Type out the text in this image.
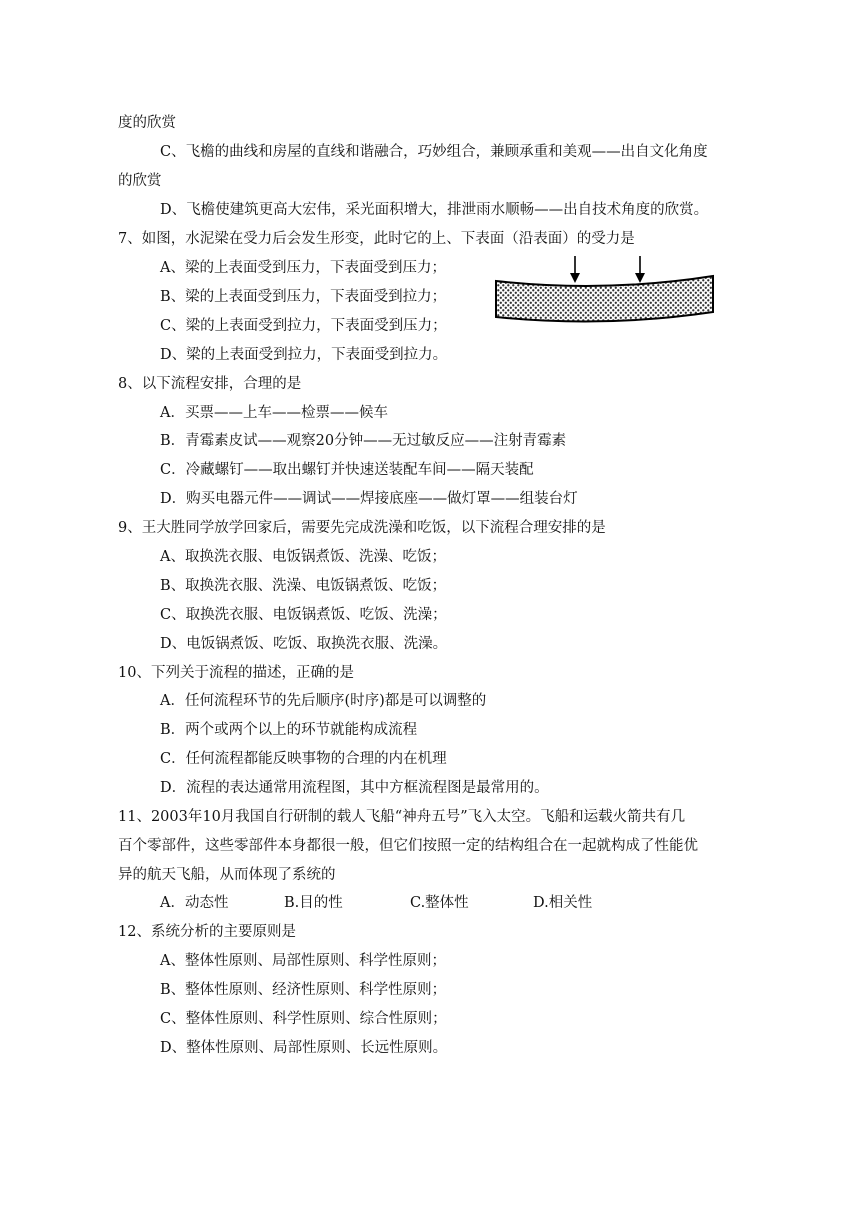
度的欣赏
C、飞檐的曲线和房屋的直线和谐融合，巧妙组合，兼顾承重和美观——出自文化角度
的欣赏
D、飞檐使建筑更高大宏伟，采光面积增大，排泄雨水顺畅——出自技术角度的欣赏。
7、如图，水泥梁在受力后会发生形变，此时它的上、下表面（沿表面）的受力是
A、梁的上表面受到压力，下表面受到压力；
B、梁的上表面受到压力，下表面受到拉力；
C、梁的上表面受到拉力，下表面受到压力；
D、梁的上表面受到拉力，下表面受到拉力。
8、以下流程安排，合理的是
A．买票——上车——检票——候车
B．青霉素皮试——观察20分钟——无过敏反应——注射青霉素
C．冷藏螺钉——取出螺钉并快速送装配车间——隔天装配
D．购买电器元件——调试——焊接底座——做灯罩——组装台灯
9、王大胜同学放学回家后，需要先完成洗澡和吃饭，以下流程合理安排的是
A、取换洗衣服、电饭锅煮饭、洗澡、吃饭；
B、取换洗衣服、洗澡、电饭锅煮饭、吃饭；
C、取换洗衣服、电饭锅煮饭、吃饭、洗澡；
D、电饭锅煮饭、吃饭、取换洗衣服、洗澡。
10、下列关于流程的描述，正确的是
A．任何流程环节的先后顺序(时序)都是可以调整的
B．两个或两个以上的环节就能构成流程
C．任何流程都能反映事物的合理的内在机理
D．流程的表达通常用流程图，其中方框流程图是最常用的。
11、2003年10月我国自行研制的载人飞船“神舟五号”飞入太空。飞船和运载火箭共有几
百个零部件，这些零部件本身都很一般，但它们按照一定的结构组合在一起就构成了性能优
异的航天飞船，从而体现了系统的
A．动态性	B.目的性	C.整体性	D.相关性
12、系统分析的主要原则是
A、整体性原则、局部性原则、科学性原则；
B、整体性原则、经济性原则、科学性原则；
C、整体性原则、科学性原则、综合性原则；
D、整体性原则、局部性原则、长远性原则。
